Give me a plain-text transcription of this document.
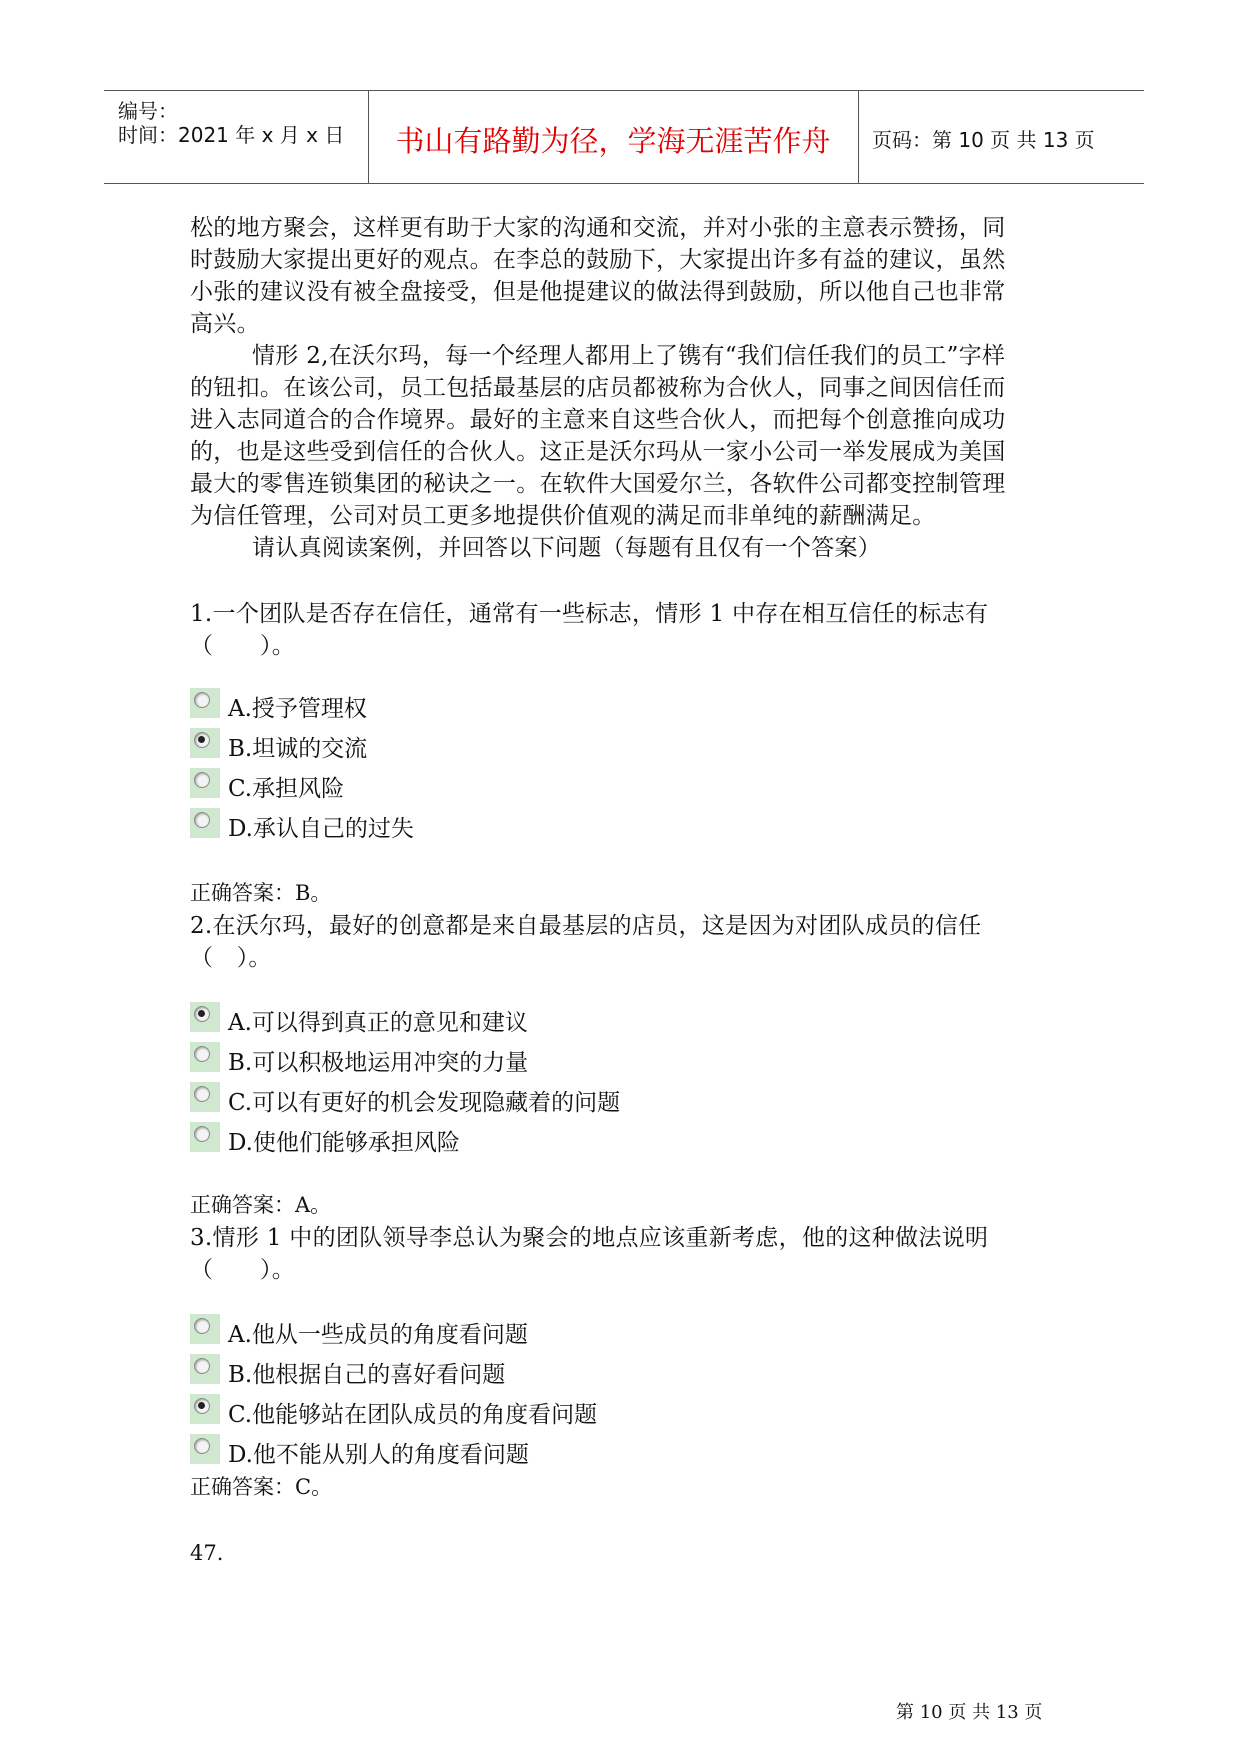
编号：
时间：2021 年 x 月 x 日	书山有路勤为径，学海无涯苦作舟	页码：第 10 页 共 13 页
松的地方聚会，这样更有助于大家的沟通和交流，并对小张的主意表示赞扬，同
时鼓励大家提出更好的观点。在李总的鼓励下，大家提出许多有益的建议，虽然
小张的建议没有被全盘接受，但是他提建议的做法得到鼓励，所以他自己也非常
高兴。
情形 2,在沃尔玛，每一个经理人都用上了镌有“我们信任我们的员工”字样
的钮扣。在该公司，员工包括最基层的店员都被称为合伙人，同事之间因信任而
进入志同道合的合作境界。最好的主意来自这些合伙人，而把每个创意推向成功
的，也是这些受到信任的合伙人。这正是沃尔玛从一家小公司一举发展成为美国
最大的零售连锁集团的秘诀之一。在软件大国爱尔兰，各软件公司都变控制管理
为信任管理，公司对员工更多地提供价值观的满足而非单纯的薪酬满足。
请认真阅读案例，并回答以下问题（每题有且仅有一个答案）
1.一个团队是否存在信任，通常有一些标志，情形 1 中存在相互信任的标志有
（　　）。
A.授予管理权
B.坦诚的交流
C.承担风险
D.承认自己的过失
正确答案：B。
2.在沃尔玛，最好的创意都是来自最基层的店员，这是因为对团队成员的信任
（　）。
A.可以得到真正的意见和建议
B.可以积极地运用冲突的力量
C.可以有更好的机会发现隐藏着的问题
D.使他们能够承担风险
正确答案：A。
3.情形 1 中的团队领导李总认为聚会的地点应该重新考虑，他的这种做法说明
（　　）。
A.他从一些成员的角度看问题
B.他根据自己的喜好看问题
C.他能够站在团队成员的角度看问题
D.他不能从别人的角度看问题
正确答案：C。
47.
第 10 页 共 13 页
